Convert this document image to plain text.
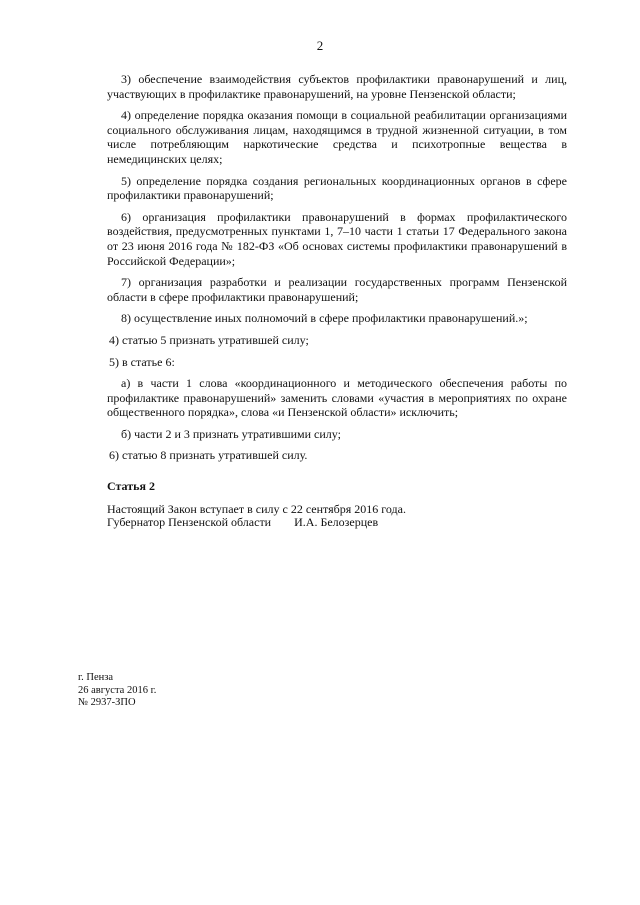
2

3) обеспечение взаимодействия субъектов профилактики правонарушений и лиц, участвующих в профилактике правонарушений, на уровне Пензенской области;

4) определение порядка оказания помощи в социальной реабилитации организациями социального обслуживания лицам, находящимся в трудной жизненной ситуации, в том числе потребляющим наркотические средства и психотропные вещества в немедицинских целях;

5) определение порядка создания региональных координационных органов в сфере профилактики правонарушений;

6) организация профилактики правонарушений в формах профилактического воздействия, предусмотренных пунктами 1, 7–10 части 1 статьи 17 Федерального закона от 23 июня 2016 года № 182-ФЗ «Об основах системы профилактики правонарушений в Российской Федерации»;

7) организация разработки и реализации государственных программ Пензенской области в сфере профилактики правонарушений;

8) осуществление иных полномочий в сфере профилактики правонарушений.»;

4) статью 5 признать утратившей силу;

5) в статье 6:

а) в части 1 слова «координационного и методического обеспечения работы по профилактике правонарушений» заменить словами «участия в мероприятиях по охране общественного порядка», слова «и Пензенской области» исключить;

б) части 2 и 3 признать утратившими силу;

6) статью 8 признать утратившей силу.

Статья 2

Настоящий Закон вступает в силу с 22 сентября 2016 года.

Губернатор Пензенской области И.А. Белозерцев
г. Пенза
26 августа 2016 г.
№ 2937-ЗПО
